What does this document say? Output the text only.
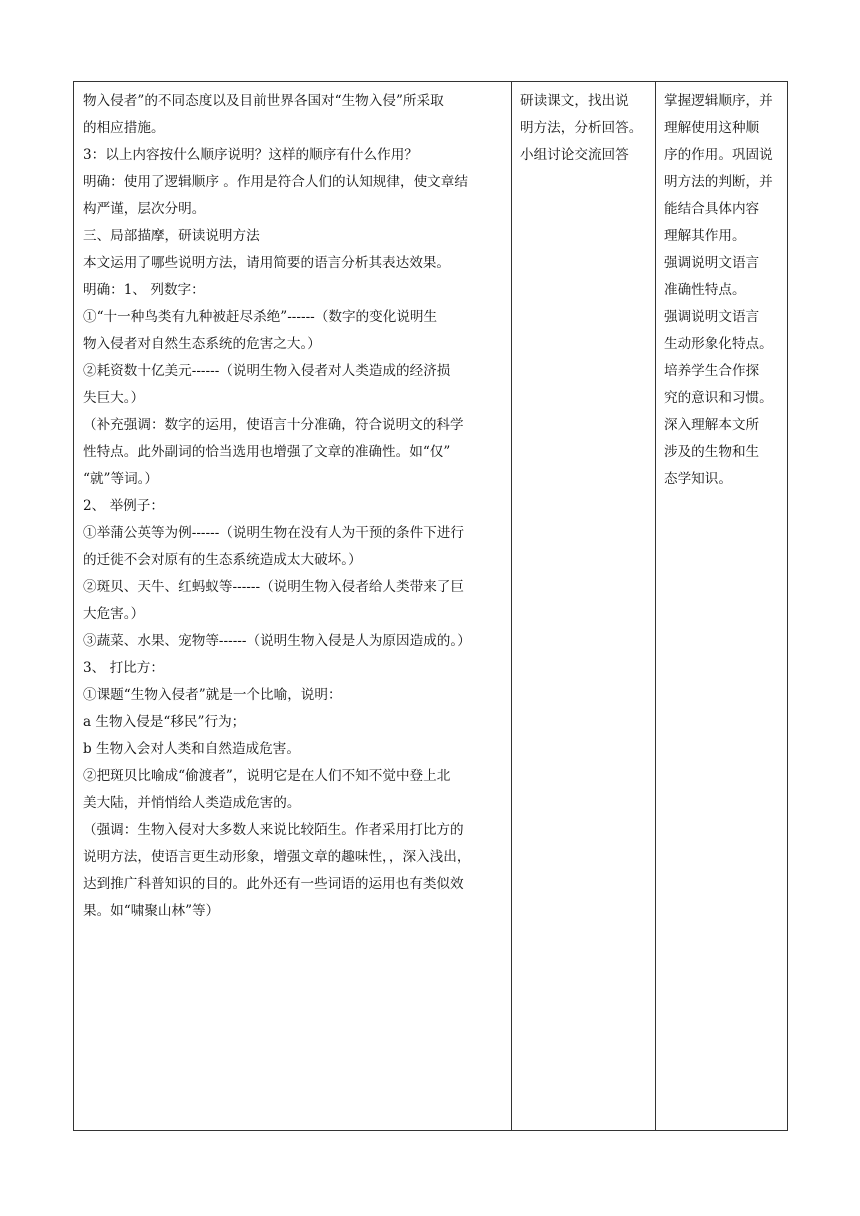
物入侵者”的不同态度以及目前世界各国对“生物入侵”所采取
的相应措施。
3：以上内容按什么顺序说明？这样的顺序有什么作用？
明确：使用了逻辑顺序 。作用是符合人们的认知规律，使文章结
构严谨，层次分明。
三、局部描摩，研读说明方法
本文运用了哪些说明方法，请用简要的语言分析其表达效果。
明确：1、 列数字：
①“十一种鸟类有九种被赶尽杀绝”------（数字的变化说明生
物入侵者对自然生态系统的危害之大。）
②耗资数十亿美元------（说明生物入侵者对人类造成的经济损
失巨大。）
（补充强调：数字的运用，使语言十分准确，符合说明文的科学
性特点。此外副词的恰当选用也增强了文章的准确性。如“仅”
“就”等词。）
2、 举例子：
①举蒲公英等为例------（说明生物在没有人为干预的条件下进行
的迁徙不会对原有的生态系统造成太大破坏。）
②斑贝、天牛、红蚂蚁等------（说明生物入侵者给人类带来了巨
大危害。）
③蔬菜、水果、宠物等------（说明生物入侵是人为原因造成的。）
3、 打比方：
①课题“生物入侵者”就是一个比喻，说明：
a 生物入侵是“移民”行为；
b 生物入会对人类和自然造成危害。
②把斑贝比喻成“偷渡者”，说明它是在人们不知不觉中登上北
美大陆，并悄悄给人类造成危害的。
（强调：生物入侵对大多数人来说比较陌生。作者采用打比方的
说明方法，使语言更生动形象，增强文章的趣味性，，深入浅出，
达到推广科普知识的目的。此外还有一些词语的运用也有类似效
果。如“啸聚山林”等）

研读课文，找出说
明方法，分析回答。
小组讨论交流回答

掌握逻辑顺序，并
理解使用这种顺
序的作用。巩固说
明方法的判断，并
能结合具体内容
理解其作用。
强调说明文语言
准确性特点。
强调说明文语言
生动形象化特点。
培养学生合作探
究的意识和习惯。
深入理解本文所
涉及的生物和生
态学知识。
